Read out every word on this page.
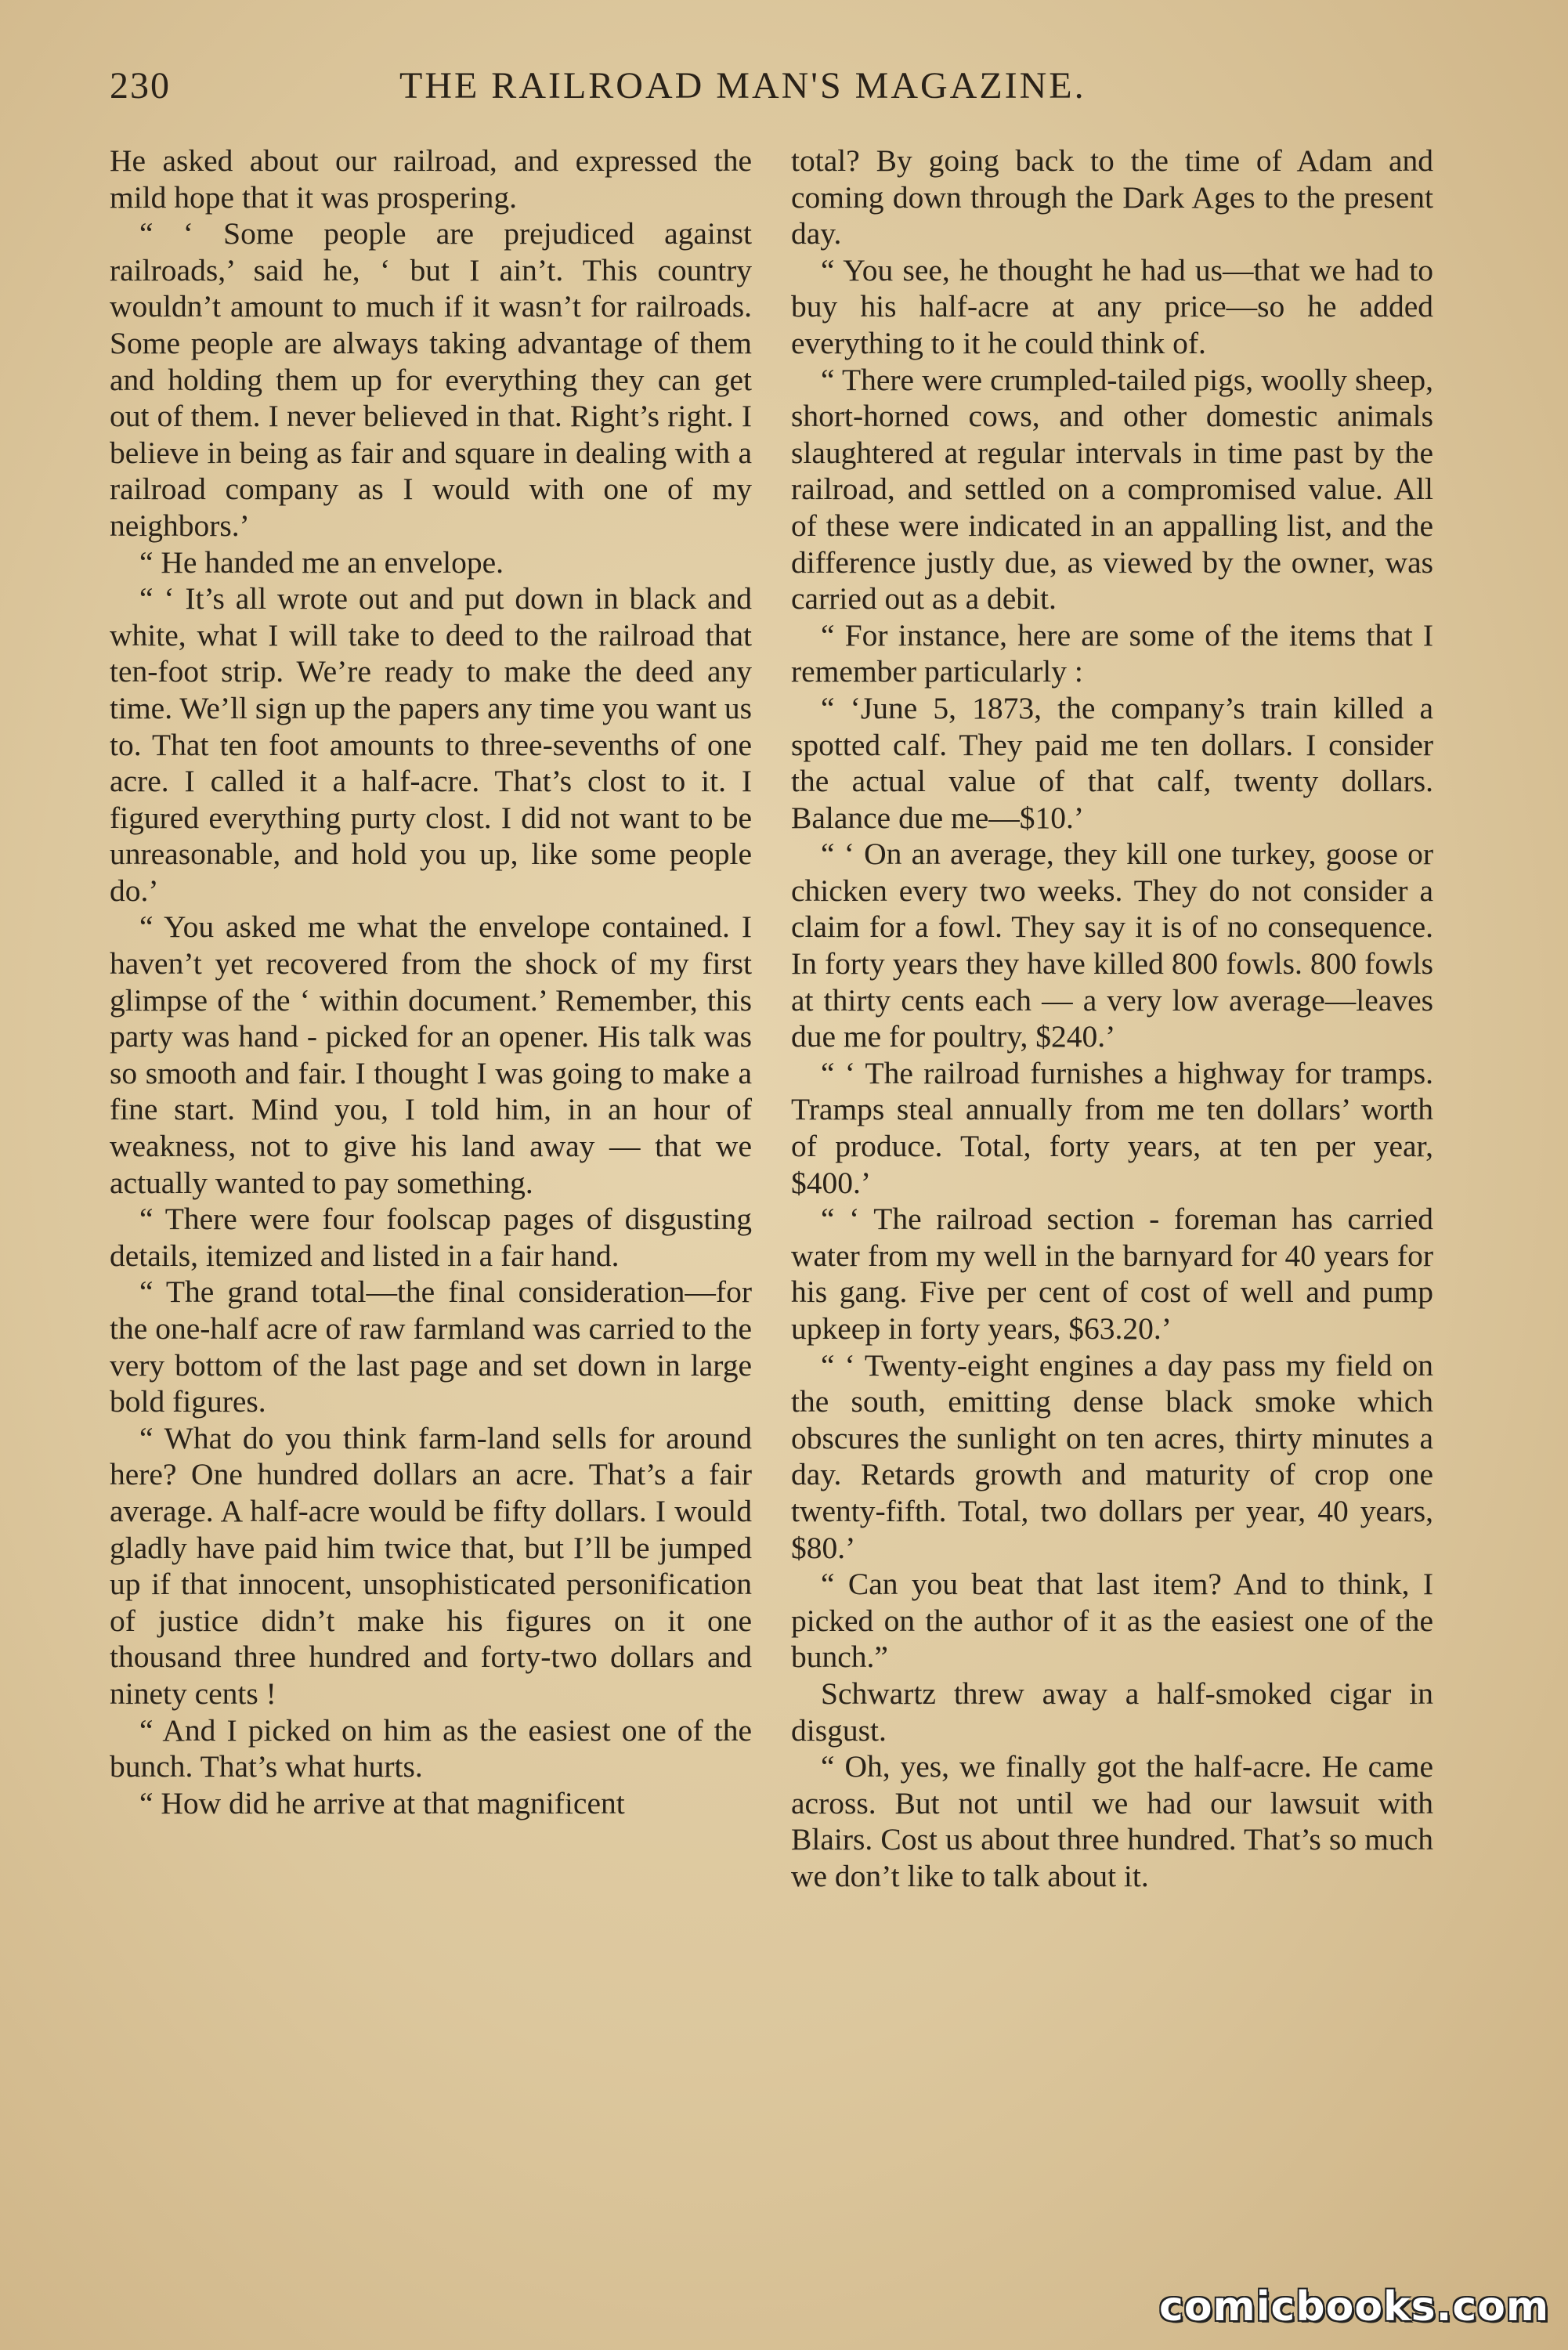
230	THE RAILROAD MAN'S MAGAZINE.

He asked about our railroad, and expressed the mild hope that it was prospering.

“ ‘ Some people are prejudiced against railroads,’ said he, ‘ but I ain’t. This country wouldn’t amount to much if it wasn’t for railroads. Some people are always taking advantage of them and holding them up for everything they can get out of them. I never believed in that. Right’s right. I believe in being as fair and square in dealing with a railroad company as I would with one of my neighbors.’

“ He handed me an envelope.

“ ‘ It’s all wrote out and put down in black and white, what I will take to deed to the railroad that ten-foot strip. We’re ready to make the deed any time. We’ll sign up the papers any time you want us to. That ten foot amounts to three-sevenths of one acre. I called it a half-acre. That’s clost to it. I figured everything purty clost. I did not want to be unreasonable, and hold you up, like some people do.’

“ You asked me what the envelope contained. I haven’t yet recovered from the shock of my first glimpse of the ‘ within document.’ Remember, this party was hand - picked for an opener. His talk was so smooth and fair. I thought I was going to make a fine start. Mind you, I told him, in an hour of weakness, not to give his land away — that we actually wanted to pay something.

“ There were four foolscap pages of disgusting details, itemized and listed in a fair hand.

“ The grand total—the final consideration—for the one-half acre of raw farmland was carried to the very bottom of the last page and set down in large bold figures.

“ What do you think farm-land sells for around here? One hundred dollars an acre. That’s a fair average. A half-acre would be fifty dollars. I would gladly have paid him twice that, but I’ll be jumped up if that innocent, unsophisticated personification of justice didn’t make his figures on it one thousand three hundred and forty-two dollars and ninety cents !

“ And I picked on him as the easiest one of the bunch. That’s what hurts.

“ How did he arrive at that magnificent

total? By going back to the time of Adam and coming down through the Dark Ages to the present day.

“ You see, he thought he had us—that we had to buy his half-acre at any price—so he added everything to it he could think of.

“ There were crumpled-tailed pigs, woolly sheep, short-horned cows, and other domestic animals slaughtered at regular intervals in time past by the railroad, and settled on a compromised value. All of these were indicated in an appalling list, and the difference justly due, as viewed by the owner, was carried out as a debit.

“ For instance, here are some of the items that I remember particularly :

“ ‘June 5, 1873, the company’s train killed a spotted calf. They paid me ten dollars. I consider the actual value of that calf, twenty dollars. Balance due me—$10.’

“ ‘ On an average, they kill one turkey, goose or chicken every two weeks. They do not consider a claim for a fowl. They say it is of no consequence. In forty years they have killed 800 fowls. 800 fowls at thirty cents each — a very low average—leaves due me for poultry, $240.’

“ ‘ The railroad furnishes a highway for tramps. Tramps steal annually from me ten dollars’ worth of produce. Total, forty years, at ten per year, $400.’

“ ‘ The railroad section - foreman has carried water from my well in the barnyard for 40 years for his gang. Five per cent of cost of well and pump upkeep in forty years, $63.20.’

“ ‘ Twenty-eight engines a day pass my field on the south, emitting dense black smoke which obscures the sunlight on ten acres, thirty minutes a day. Retards growth and maturity of crop one twenty-fifth. Total, two dollars per year, 40 years, $80.’

“ Can you beat that last item? And to think, I picked on the author of it as the easiest one of the bunch.”

Schwartz threw away a half-smoked cigar in disgust.

“ Oh, yes, we finally got the half-acre. He came across. But not until we had our lawsuit with Blairs. Cost us about three hundred. That’s so much we don’t like to talk about it.

comicbooks.com
